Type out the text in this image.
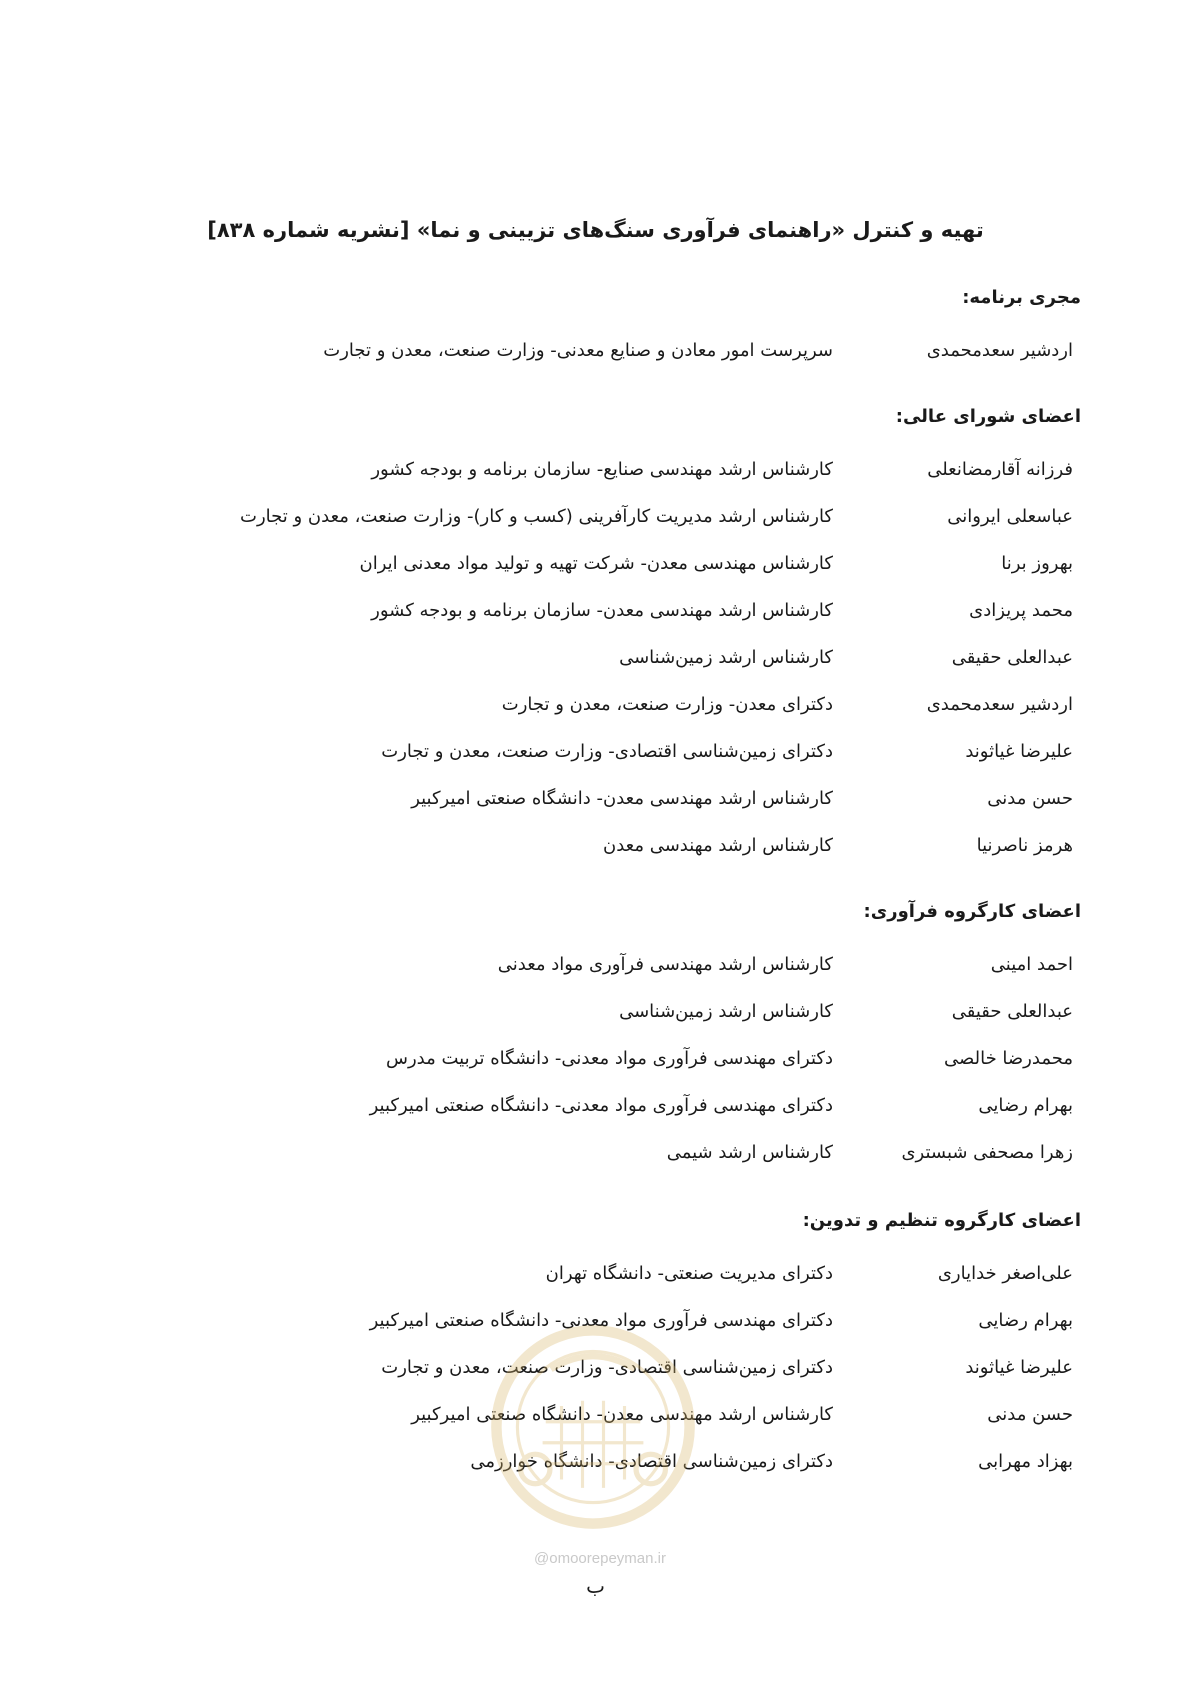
تهیه و کنترل «راهنمای فرآوری سنگ‌های تزیینی و نما» [نشریه شماره ۸۳۸]
مجری برنامه:
اردشیر سعدمحمدی
سرپرست امور معادن و صنایع معدنی- وزارت صنعت، معدن و تجارت
اعضای شورای عالی:
فرزانه آقارمضانعلی
کارشناس ارشد مهندسی صنایع- سازمان برنامه و بودجه کشور
عباسعلی ایروانی
کارشناس ارشد مدیریت کارآفرینی (کسب و کار)- وزارت صنعت، معدن و تجارت
بهروز برنا
کارشناس مهندسی معدن- شرکت تهیه و تولید مواد معدنی ایران
محمد پریزادی
کارشناس ارشد مهندسی معدن- سازمان برنامه و بودجه کشور
عبدالعلی حقیقی
کارشناس ارشد زمین‌شناسی
اردشیر سعدمحمدی
دکترای معدن- وزارت صنعت، معدن و تجارت
علیرضا غیاثوند
دکترای زمین‌شناسی اقتصادی- وزارت صنعت، معدن و تجارت
حسن مدنی
کارشناس ارشد مهندسی معدن- دانشگاه صنعتی امیرکبیر
هرمز ناصرنیا
کارشناس ارشد مهندسی معدن
اعضای کارگروه فرآوری:
احمد امینی
کارشناس ارشد مهندسی فرآوری مواد معدنی
عبدالعلی حقیقی
کارشناس ارشد زمین‌شناسی
محمدرضا خالصی
دکترای مهندسی فرآوری مواد معدنی- دانشگاه تربیت مدرس
بهرام رضایی
دکترای مهندسی فرآوری مواد معدنی- دانشگاه صنعتی امیرکبیر
زهرا مصحفی شبستری
کارشناس ارشد شیمی
اعضای کارگروه تنظیم و تدوین:
علی‌اصغر خدایاری
دکترای مدیریت صنعتی- دانشگاه تهران
بهرام رضایی
دکترای مهندسی فرآوری مواد معدنی- دانشگاه صنعتی امیرکبیر
علیرضا غیاثوند
دکترای زمین‌شناسی اقتصادی- وزارت صنعت، معدن و تجارت
حسن مدنی
کارشناس ارشد مهندسی معدن- دانشگاه صنعتی امیرکبیر
بهزاد مهرابی
دکترای زمین‌شناسی اقتصادی- دانشگاه خوارزمی
@omoorepeyman.ir
ب
